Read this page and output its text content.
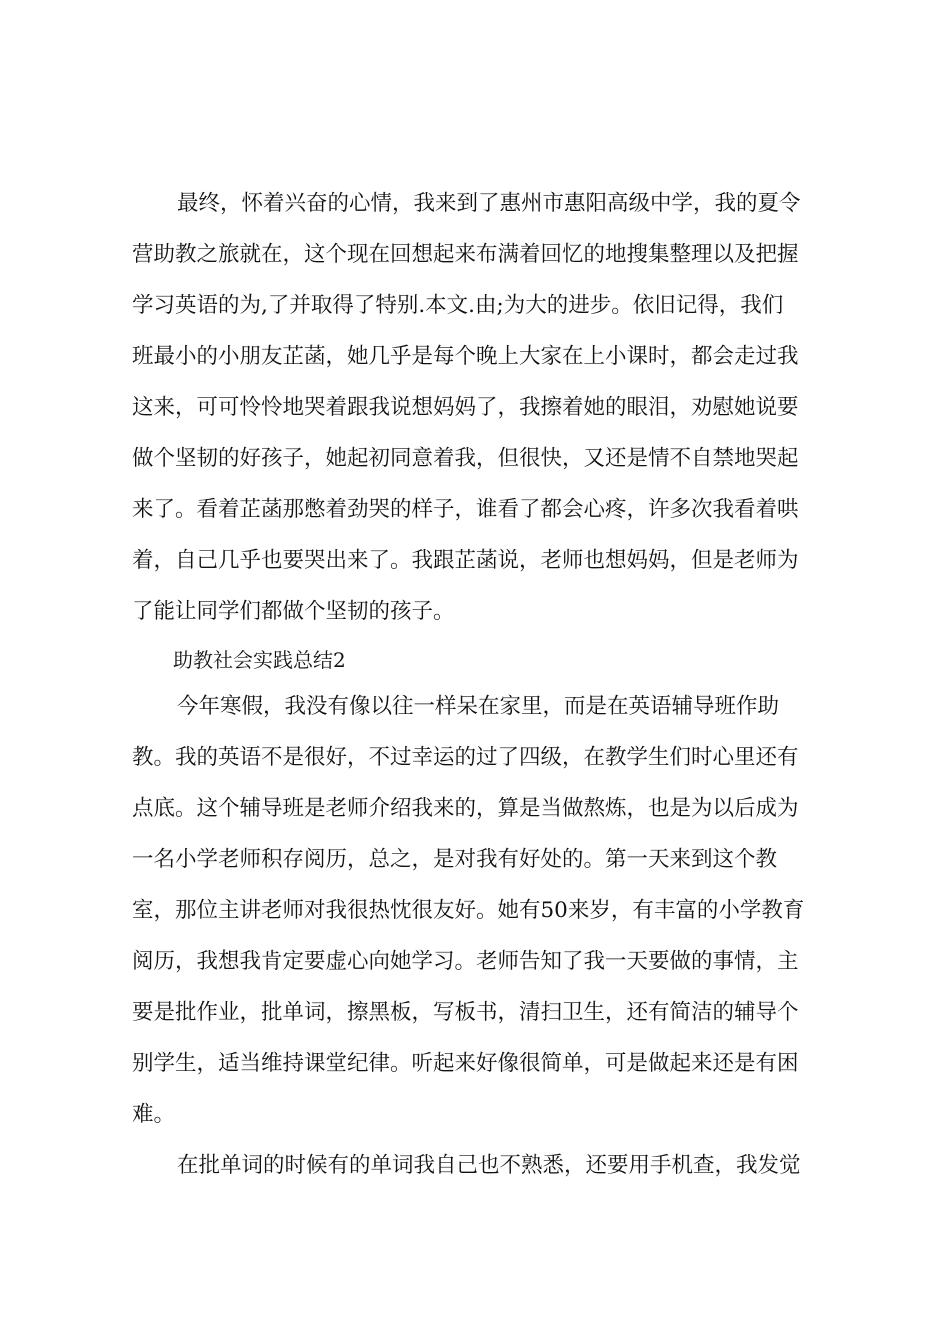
最终，怀着兴奋的心情，我来到了惠州市惠阳高级中学，我的夏令
营助教之旅就在，这个现在回想起来布满着回忆的地搜集整理以及把握
学习英语的为,了并取得了特别.本文.由;为大的进步。依旧记得，我们
班最小的小朋友芷菡，她几乎是每个晚上大家在上小课时，都会走过我
这来，可可怜怜地哭着跟我说想妈妈了，我擦着她的眼泪，劝慰她说要
做个坚韧的好孩子，她起初同意着我，但很快，又还是情不自禁地哭起
来了。看着芷菡那憋着劲哭的样子，谁看了都会心疼，许多次我看着哄
着，自己几乎也要哭出来了。我跟芷菡说，老师也想妈妈，但是老师为
了能让同学们都做个坚韧的孩子。
助教社会实践总结2
今年寒假，我没有像以往一样呆在家里，而是在英语辅导班作助
教。我的英语不是很好，不过幸运的过了四级，在教学生们时心里还有
点底。这个辅导班是老师介绍我来的，算是当做熬炼，也是为以后成为
一名小学老师积存阅历，总之，是对我有好处的。第一天来到这个教
室，那位主讲老师对我很热忱很友好。她有50来岁，有丰富的小学教育
阅历，我想我肯定要虚心向她学习。老师告知了我一天要做的事情，主
要是批作业，批单词，擦黑板，写板书，清扫卫生，还有简洁的辅导个
别学生，适当维持课堂纪律。听起来好像很简单，可是做起来还是有困
难。
在批单词的时候有的单词我自己也不熟悉，还要用手机查，我发觉
